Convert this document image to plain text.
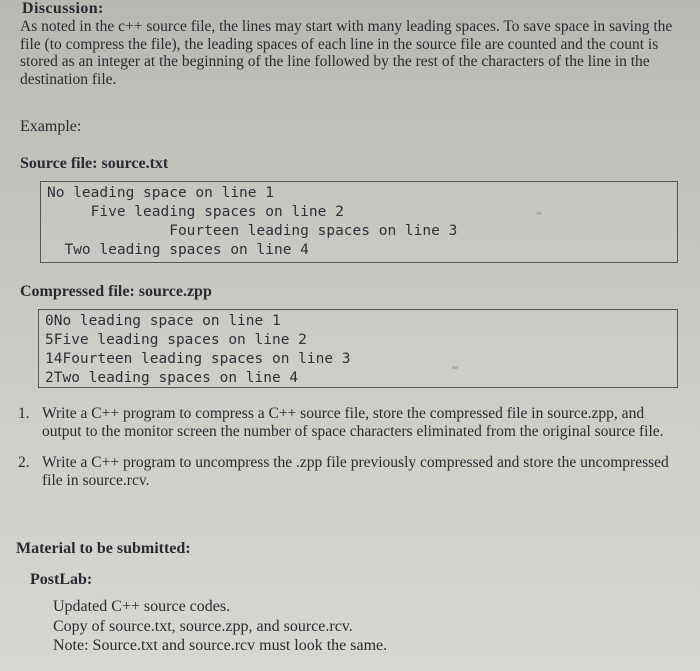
Discussion:
As noted in the c++ source file, the lines may start with many leading spaces. To save space in saving the file (to compress the file), the leading spaces of each line in the source file are counted and the count is stored as an integer at the beginning of the line followed by the rest of the characters of the line in the destination file.
Example:
Source file: source.txt
No leading space on line 1
Five leading spaces on line 2
Fourteen leading spaces on line 3
Two leading spaces on line 4
Compressed file: source.zpp
0No leading space on line 1
5Five leading spaces on line 2
14Fourteen leading spaces on line 3
2Two leading spaces on line 4
1. Write a C++ program to compress a C++ source file, store the compressed file in source.zpp, and output to the monitor screen the number of space characters eliminated from the original source file.
2. Write a C++ program to uncompress the .zpp file previously compressed and store the uncompressed file in source.rcv.
Material to be submitted:
PostLab:
Updated C++ source codes.
Copy of source.txt, source.zpp, and source.rcv.
Note: Source.txt and source.rcv must look the same.
